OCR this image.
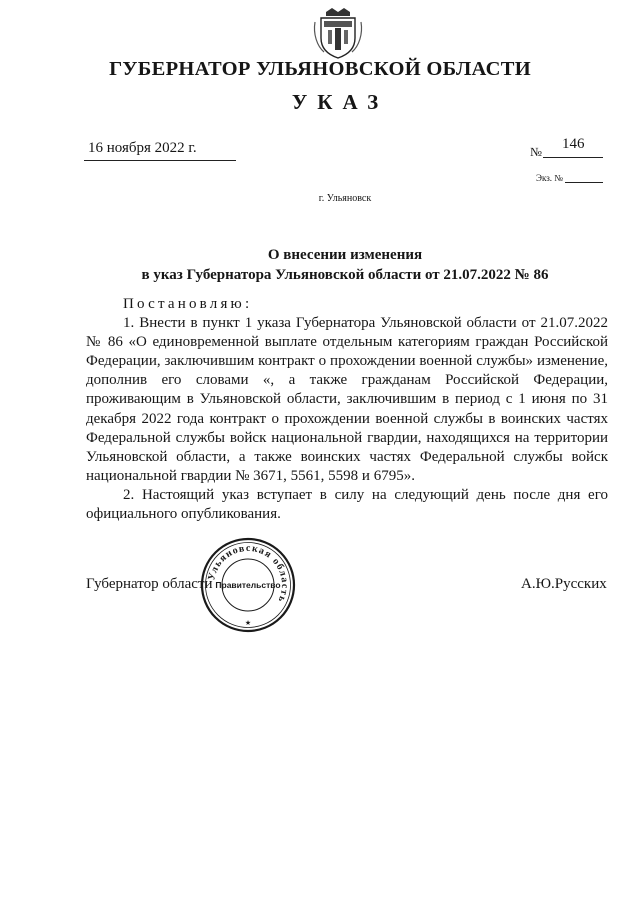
ГУБЕРНАТОР УЛЬЯНОВСКОЙ ОБЛАСТИ
УКАЗ
16 ноября 2022 г.	№ 146
Экз. №
г. Ульяновск
О внесении изменения
в указ Губернатора Ульяновской области от 21.07.2022 № 86

Постановляю:

1. Внести в пункт 1 указа Губернатора Ульяновской области от 21.07.2022 № 86 «О единовременной выплате отдельным категориям граждан Российской Федерации, заключившим контракт о прохождении военной службы» изменение, дополнив его словами «, а также гражданам Российской Федерации, проживающим в Ульяновской области, заключившим в период с 1 июня по 31 декабря 2022 года контракт о прохождении военной службы в воинских частях Федеральной службы войск национальной гвардии, находящихся на территории Ульяновской области, а также воинских частях Федеральной службы войск национальной гвардии № 3671, 5561, 5598 и 6795».

2. Настоящий указ вступает в силу на следующий день после дня его официального опубликования.

Губернатор области	А.Ю.Русских
Ульяновская область
Правительство
★
